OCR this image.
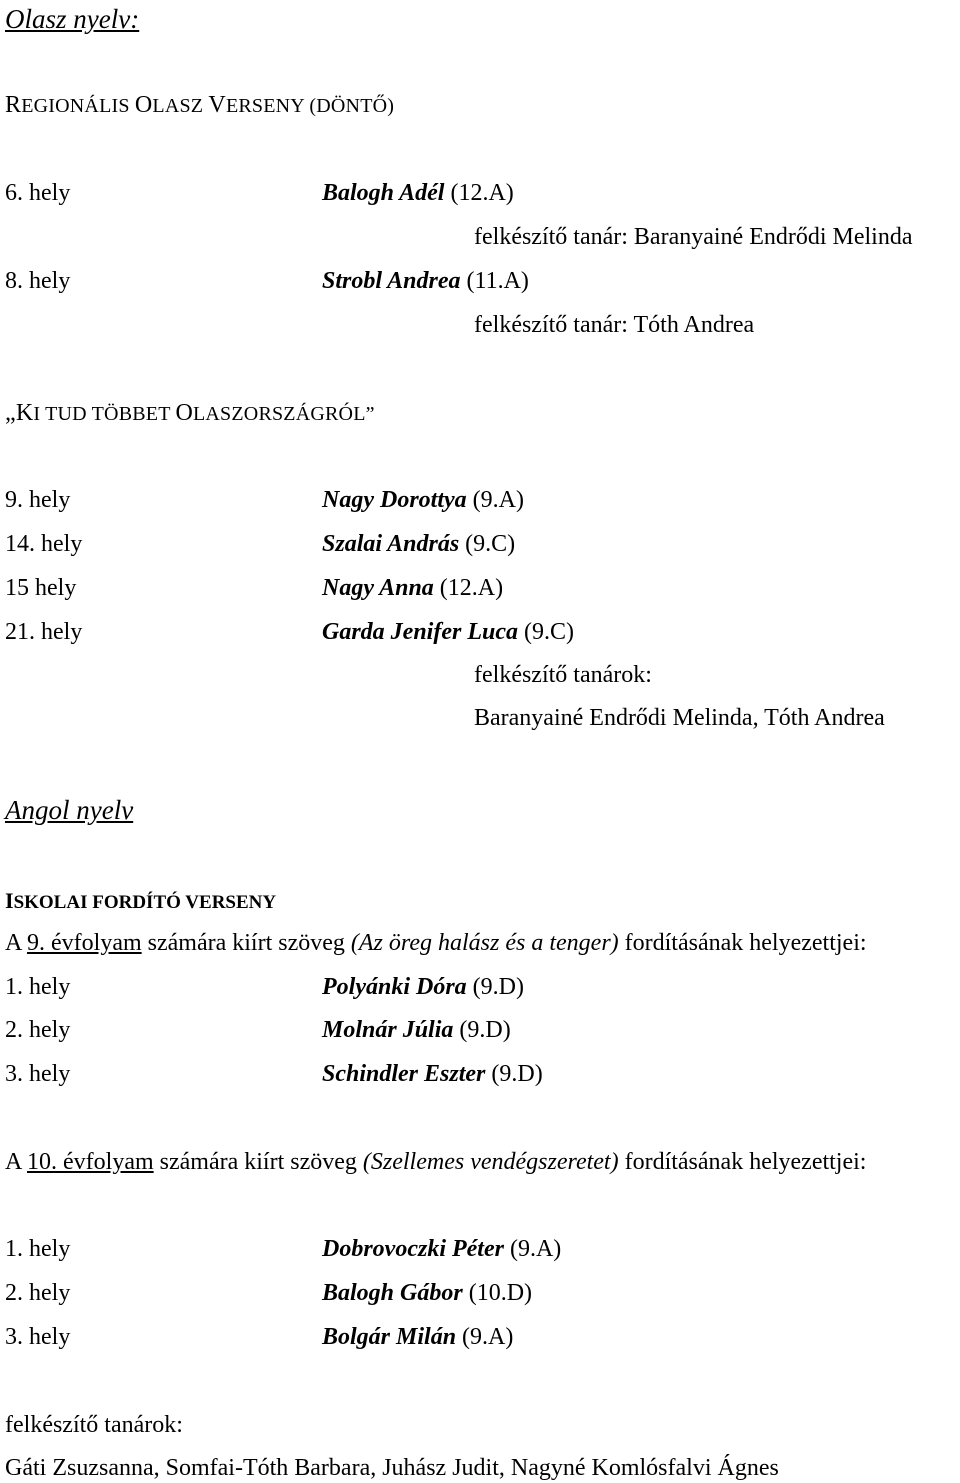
Olasz nyelv:
REGIONÁLIS OLASZ VERSENY (DÖNTŐ)
6. hely	Balogh Adél (12.A)
felkészítő tanár: Baranyainé Endrődi Melinda
8. hely	Strobl Andrea (11.A)
felkészítő tanár: Tóth Andrea
„KI TUD TÖBBET OLASZORSZÁGRÓL”
9. hely	Nagy Dorottya (9.A)
14. hely	Szalai András (9.C)
15 hely	Nagy Anna (12.A)
21. hely	Garda Jenifer Luca (9.C)
felkészítő tanárok:
Baranyainé Endrődi Melinda, Tóth Andrea
Angol nyelv
ISKOLAI FORDÍTÓ VERSENY
A 9. évfolyam számára kiírt szöveg (Az öreg halász és a tenger) fordításának helyezettjei:
1. hely	Polyánki Dóra (9.D)
2. hely	Molnár Júlia (9.D)
3. hely	Schindler Eszter (9.D)
A 10. évfolyam számára kiírt szöveg (Szellemes vendégszeretet) fordításának helyezettjei:
1. hely	Dobrovoczki Péter (9.A)
2. hely	Balogh Gábor (10.D)
3. hely	Bolgár Milán (9.A)
felkészítő tanárok:
Gáti Zsuzsanna, Somfai-Tóth Barbara, Juhász Judit, Nagyné Komlósfalvi Ágnes
